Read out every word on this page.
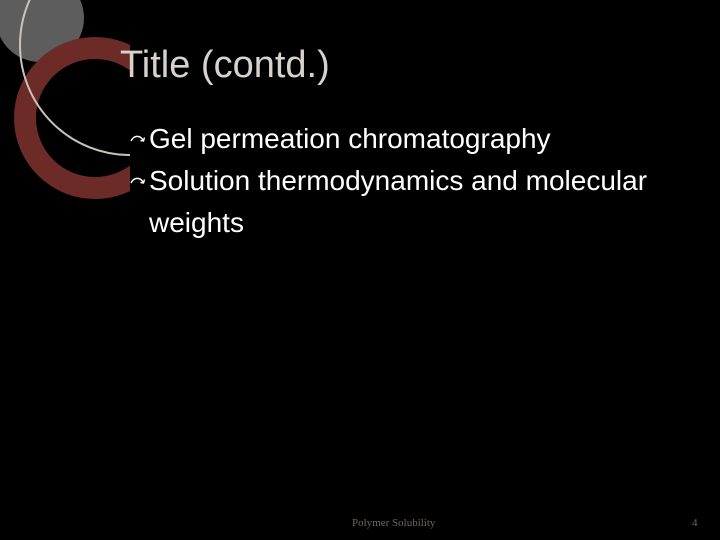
Title (contd.)
Gel permeation chromatography
Solution thermodynamics and molecular weights
Polymer Solubility	4
